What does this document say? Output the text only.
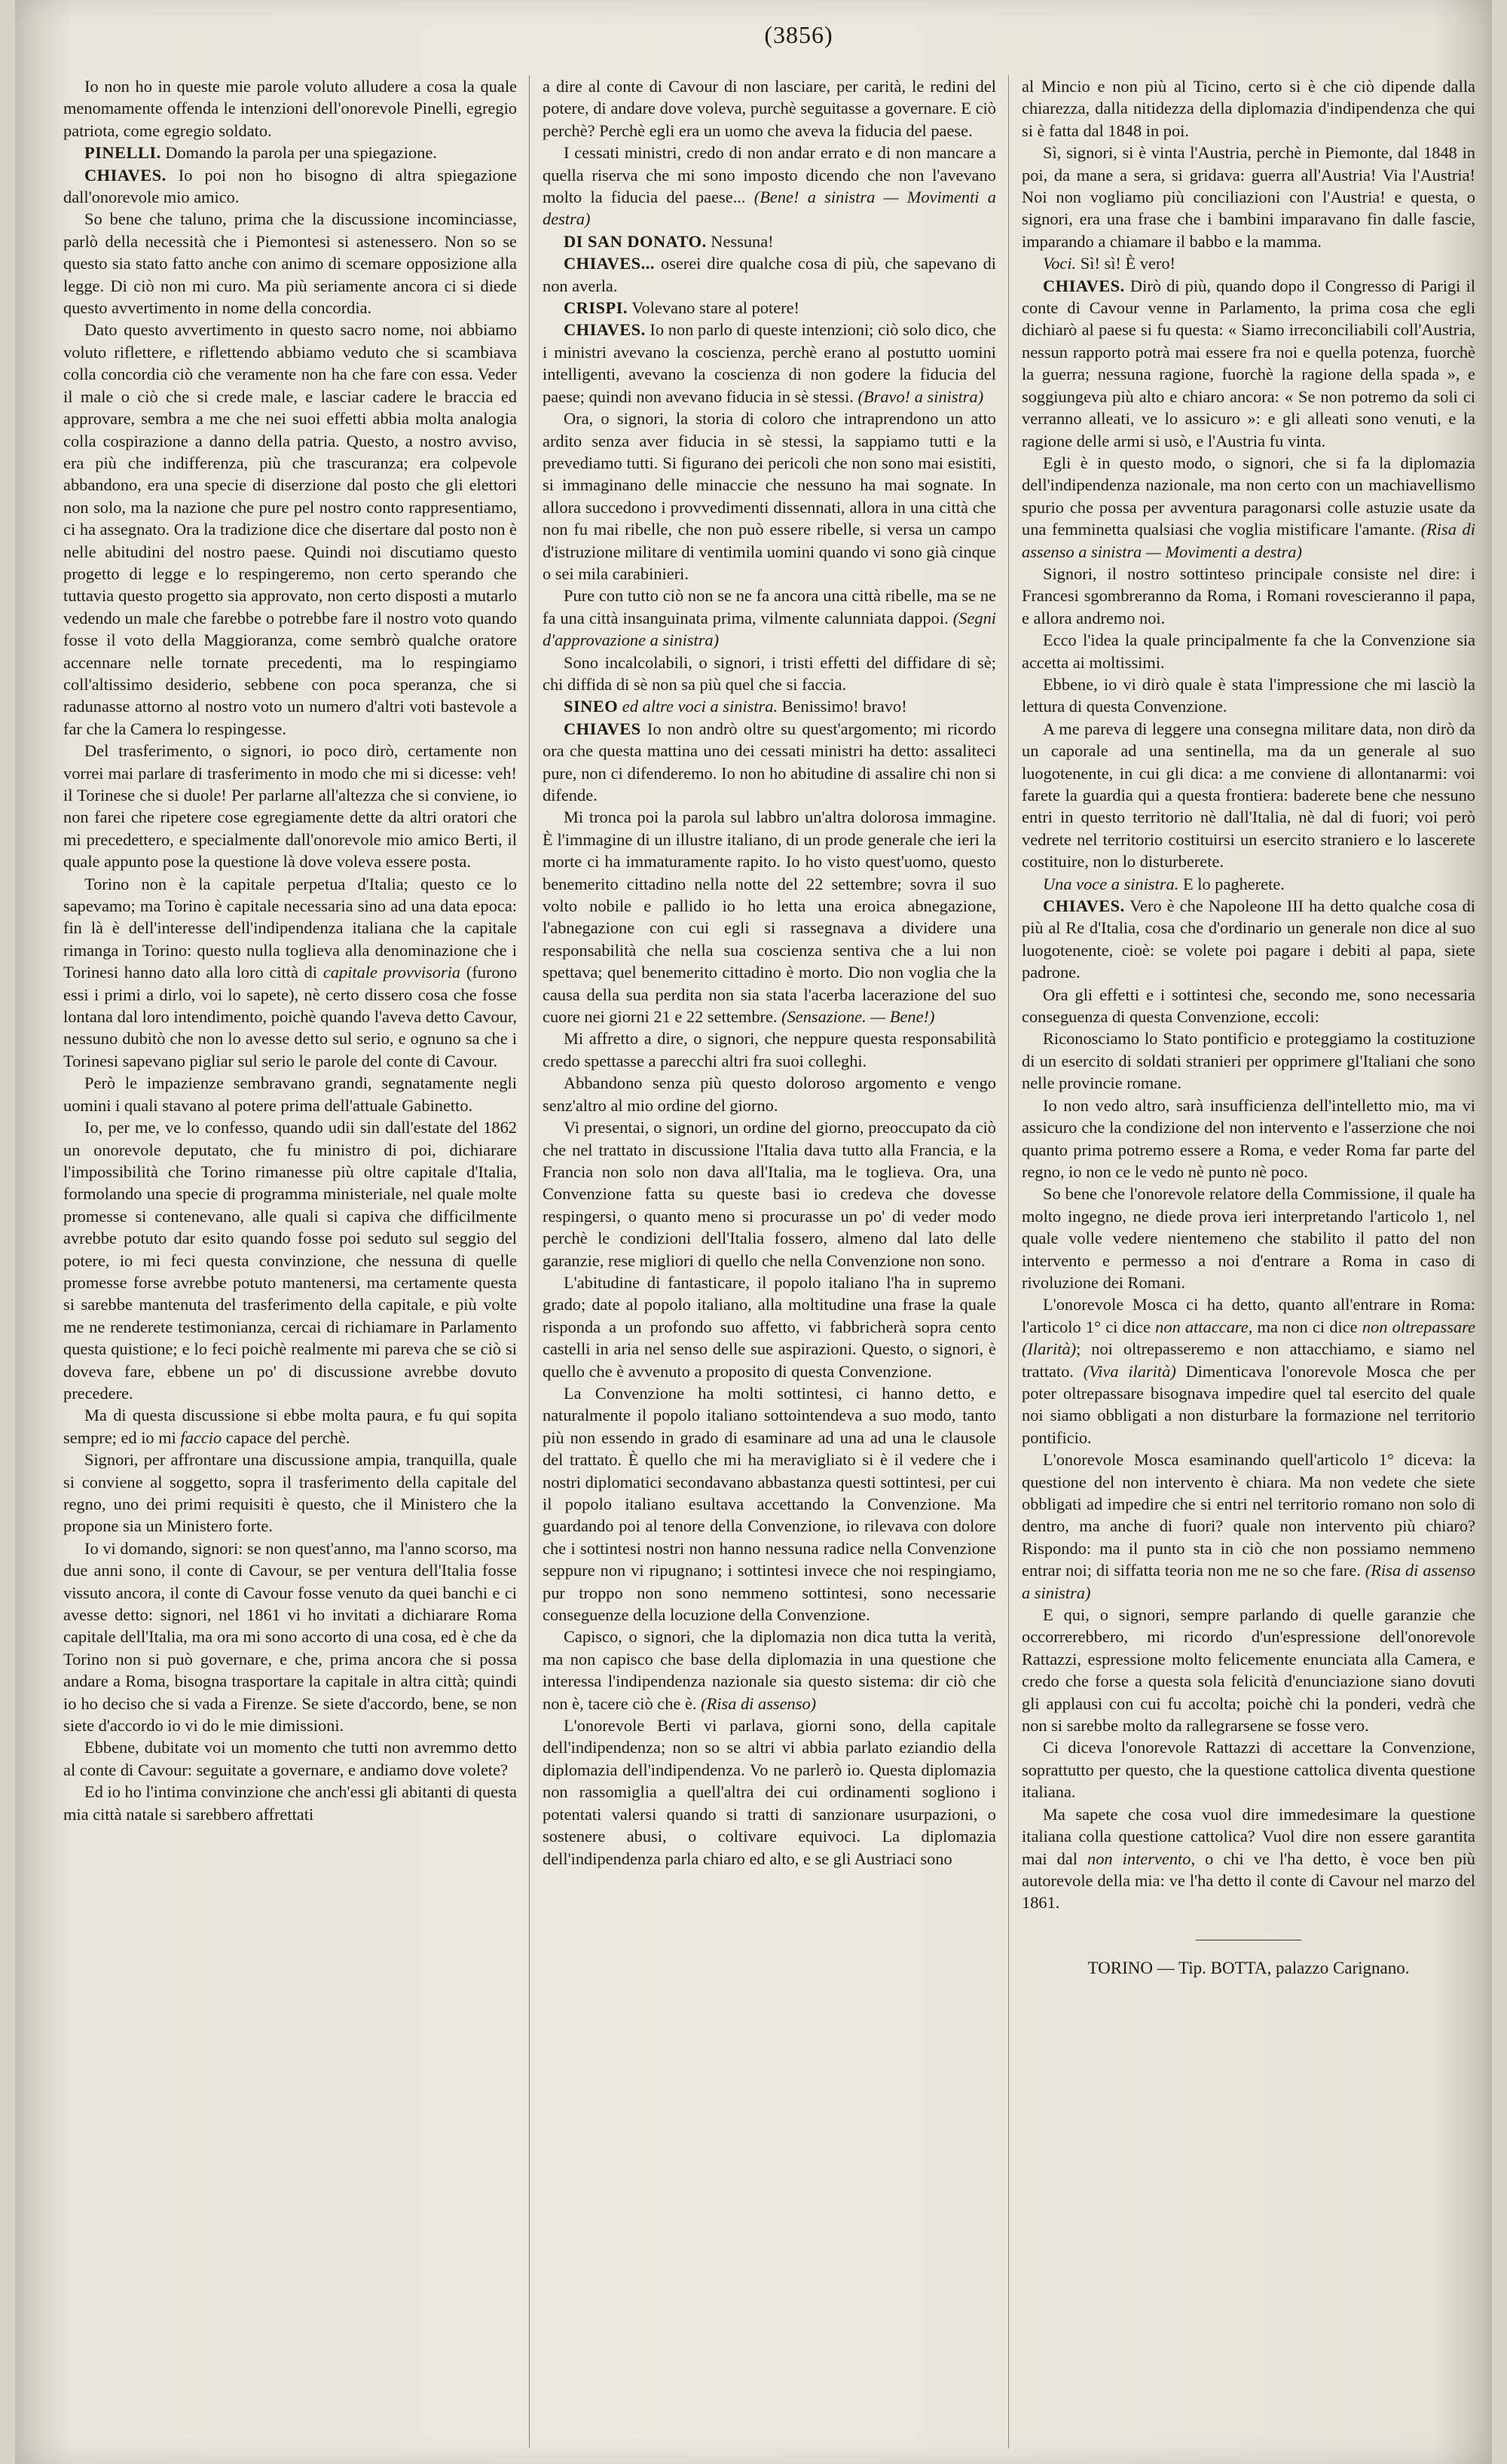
(3856)

Io non ho in queste mie parole voluto alludere a cosa la quale menomamente offenda le intenzioni dell'onorevole Pinelli, egregio patriota, come egregio soldato.

PINELLI. Domando la parola per una spiegazione.

CHIAVES. Io poi non ho bisogno di altra spiegazione dall'onorevole mio amico.

So bene che taluno, prima che la discussione incominciasse, parlò della necessità che i Piemontesi si astenessero. Non so se questo sia stato fatto anche con animo di scemare opposizione alla legge. Di ciò non mi curo. Ma più seriamente ancora ci si diede questo avvertimento in nome della concordia.

Dato questo avvertimento in questo sacro nome, noi abbiamo voluto riflettere, e riflettendo abbiamo veduto che si scambiava colla concordia ciò che veramente non ha che fare con essa. Veder il male o ciò che si crede male, e lasciar cadere le braccia ed approvare, sembra a me che nei suoi effetti abbia molta analogia colla cospirazione a danno della patria. Questo, a nostro avviso, era più che indifferenza, più che trascuranza; era colpevole abbandono, era una specie di diserzione dal posto che gli elettori non solo, ma la nazione che pure pel nostro conto rappresentiamo, ci ha assegnato. Ora la tradizione dice che disertare dal posto non è nelle abitudini del nostro paese. Quindi noi discutiamo questo progetto di legge e lo respingeremo, non certo sperando che tuttavia questo progetto sia approvato, non certo disposti a mutarlo vedendo un male che farebbe o potrebbe fare il nostro voto quando fosse il voto della Maggioranza, come sembrò qualche oratore accennare nelle tornate precedenti, ma lo respingiamo coll'altissimo desiderio, sebbene con poca speranza, che si radunasse attorno al nostro voto un numero d'altri voti bastevole a far che la Camera lo respingesse.

Del trasferimento, o signori, io poco dirò, certamente non vorrei mai parlare di trasferimento in modo che mi si dicesse: veh! il Torinese che si duole! Per parlarne all'altezza che si conviene, io non farei che ripetere cose egregiamente dette da altri oratori che mi precedettero, e specialmente dall'onorevole mio amico Berti, il quale appunto pose la questione là dove voleva essere posta.

Torino non è la capitale perpetua d'Italia; questo ce lo sapevamo; ma Torino è capitale necessaria sino ad una data epoca: fin là è dell'interesse dell'indipendenza italiana che la capitale rimanga in Torino: questo nulla toglieva alla denominazione che i Torinesi hanno dato alla loro città di capitale provvisoria (furono essi i primi a dirlo, voi lo sapete), nè certo dissero cosa che fosse lontana dal loro intendimento, poichè quando l'aveva detto Cavour, nessuno dubitò che non lo avesse detto sul serio, e ognuno sa che i Torinesi sapevano pigliar sul serio le parole del conte di Cavour.

Però le impazienze sembravano grandi, segnatamente negli uomini i quali stavano al potere prima dell'attuale Gabinetto.

Io, per me, ve lo confesso, quando udii sin dall'estate del 1862 un onorevole deputato, che fu ministro di poi, dichiarare l'impossibilità che Torino rimanesse più oltre capitale d'Italia, formolando una specie di programma ministeriale, nel quale molte promesse si contenevano, alle quali si capiva che difficilmente avrebbe potuto dar esito quando fosse poi seduto sul seggio del potere, io mi feci questa convinzione, che nessuna di quelle promesse forse avrebbe potuto mantenersi, ma certamente questa si sarebbe mantenuta del trasferimento della capitale, e più volte me ne renderete testimonianza, cercai di richiamare in Parlamento questa quistione; e lo feci poichè realmente mi pareva che se ciò si doveva fare, ebbene un po' di discussione avrebbe dovuto precedere.

Ma di questa discussione si ebbe molta paura, e fu qui sopita sempre; ed io mi faccio capace del perchè.

Signori, per affrontare una discussione ampia, tranquilla, quale si conviene al soggetto, sopra il trasferimento della capitale del regno, uno dei primi requisiti è questo, che il Ministero che la propone sia un Ministero forte.

Io vi domando, signori: se non quest'anno, ma l'anno scorso, ma due anni sono, il conte di Cavour, se per ventura dell'Italia fosse vissuto ancora, il conte di Cavour fosse venuto da quei banchi e ci avesse detto: signori, nel 1861 vi ho invitati a dichiarare Roma capitale dell'Italia, ma ora mi sono accorto di una cosa, ed è che da Torino non si può governare, e che, prima ancora che si possa andare a Roma, bisogna trasportare la capitale in altra città; quindi io ho deciso che si vada a Firenze. Se siete d'accordo, bene, se non siete d'accordo io vi do le mie dimissioni.

Ebbene, dubitate voi un momento che tutti non avremmo detto al conte di Cavour: seguitate a governare, e andiamo dove volete?

Ed io ho l'intima convinzione che anch'essi gli abitanti di questa mia città natale si sarebbero affrettati

a dire al conte di Cavour di non lasciare, per carità, le redini del potere, di andare dove voleva, purchè seguitasse a governare. E ciò perchè? Perchè egli era un uomo che aveva la fiducia del paese.

I cessati ministri, credo di non andar errato e di non mancare a quella riserva che mi sono imposto dicendo che non l'avevano molto la fiducia del paese... (Bene! a sinistra — Movimenti a destra)

DI SAN DONATO. Nessuna!

CHIAVES... oserei dire qualche cosa di più, che sapevano di non averla.

CRISPI. Volevano stare al potere!

CHIAVES. Io non parlo di queste intenzioni; ciò solo dico, che i ministri avevano la coscienza, perchè erano al postutto uomini intelligenti, avevano la coscienza di non godere la fiducia del paese; quindi non avevano fiducia in sè stessi. (Bravo! a sinistra)

Ora, o signori, la storia di coloro che intraprendono un atto ardito senza aver fiducia in sè stessi, la sappiamo tutti e la prevediamo tutti. Si figurano dei pericoli che non sono mai esistiti, si immaginano delle minaccie che nessuno ha mai sognate. In allora succedono i provvedimenti dissennati, allora in una città che non fu mai ribelle, che non può essere ribelle, si versa un campo d'istruzione militare di ventimila uomini quando vi sono già cinque o sei mila carabinieri.

Pure con tutto ciò non se ne fa ancora una città ribelle, ma se ne fa una città insanguinata prima, vilmente calunniata dappoi. (Segni d'approvazione a sinistra)

Sono incalcolabili, o signori, i tristi effetti del diffidare di sè; chi diffida di sè non sa più quel che si faccia.

SINEO ed altre voci a sinistra. Benissimo! bravo!

CHIAVES Io non andrò oltre su quest'argomento; mi ricordo ora che questa mattina uno dei cessati ministri ha detto: assaliteci pure, non ci difenderemo. Io non ho abitudine di assalire chi non si difende.

Mi tronca poi la parola sul labbro un'altra dolorosa immagine. È l'immagine di un illustre italiano, di un prode generale che ieri la morte ci ha immaturamente rapito. Io ho visto quest'uomo, questo benemerito cittadino nella notte del 22 settembre; sovra il suo volto nobile e pallido io ho letta una eroica abnegazione, l'abnegazione con cui egli si rassegnava a dividere una responsabilità che nella sua coscienza sentiva che a lui non spettava; quel benemerito cittadino è morto. Dio non voglia che la causa della sua perdita non sia stata l'acerba lacerazione del suo cuore nei giorni 21 e 22 settembre. (Sensazione. — Bene!)

Mi affretto a dire, o signori, che neppure questa responsabilità credo spettasse a parecchi altri fra suoi colleghi.

Abbandono senza più questo doloroso argomento e vengo senz'altro al mio ordine del giorno.

Vi presentai, o signori, un ordine del giorno, preoccupato da ciò che nel trattato in discussione l'Italia dava tutto alla Francia, e la Francia non solo non dava all'Italia, ma le toglieva. Ora, una Convenzione fatta su queste basi io credeva che dovesse respingersi, o quanto meno si procurasse un po' di veder modo perchè le condizioni dell'Italia fossero, almeno dal lato delle garanzie, rese migliori di quello che nella Convenzione non sono.

L'abitudine di fantasticare, il popolo italiano l'ha in supremo grado; date al popolo italiano, alla moltitudine una frase la quale risponda a un profondo suo affetto, vi fabbricherà sopra cento castelli in aria nel senso delle sue aspirazioni. Questo, o signori, è quello che è avvenuto a proposito di questa Convenzione.

La Convenzione ha molti sottintesi, ci hanno detto, e naturalmente il popolo italiano sottointendeva a suo modo, tanto più non essendo in grado di esaminare ad una ad una le clausole del trattato. È quello che mi ha meravigliato si è il vedere che i nostri diplomatici secondavano abbastanza questi sottintesi, per cui il popolo italiano esultava accettando la Convenzione. Ma guardando poi al tenore della Convenzione, io rilevava con dolore che i sottintesi nostri non hanno nessuna radice nella Convenzione seppure non vi ripugnano; i sottintesi invece che noi respingiamo, pur troppo non sono nemmeno sottintesi, sono necessarie conseguenze della locuzione della Convenzione.

Capisco, o signori, che la diplomazia non dica tutta la verità, ma non capisco che base della diplomazia in una questione che interessa l'indipendenza nazionale sia questo sistema: dir ciò che non è, tacere ciò che è. (Risa di assenso)

L'onorevole Berti vi parlava, giorni sono, della capitale dell'indipendenza; non so se altri vi abbia parlato eziandio della diplomazia dell'indipendenza. Vo ne parlerò io. Questa diplomazia non rassomiglia a quell'altra dei cui ordinamenti sogliono i potentati valersi quando si tratti di sanzionare usurpazioni, o sostenere abusi, o coltivare equivoci. La diplomazia dell'indipendenza parla chiaro ed alto, e se gli Austriaci sono

al Mincio e non più al Ticino, certo si è che ciò dipende dalla chiarezza, dalla nitidezza della diplomazia d'indipendenza che qui si è fatta dal 1848 in poi.

Sì, signori, si è vinta l'Austria, perchè in Piemonte, dal 1848 in poi, da mane a sera, si gridava: guerra all'Austria! Via l'Austria! Noi non vogliamo più conciliazioni con l'Austria! e questa, o signori, era una frase che i bambini imparavano fin dalle fascie, imparando a chiamare il babbo e la mamma.

Voci. Sì! sì! È vero!

CHIAVES. Dirò di più, quando dopo il Congresso di Parigi il conte di Cavour venne in Parlamento, la prima cosa che egli dichiarò al paese si fu questa: « Siamo irreconciliabili coll'Austria, nessun rapporto potrà mai essere fra noi e quella potenza, fuorchè la guerra; nessuna ragione, fuorchè la ragione della spada », e soggiungeva più alto e chiaro ancora: « Se non potremo da soli ci verranno alleati, ve lo assicuro »: e gli alleati sono venuti, e la ragione delle armi si usò, e l'Austria fu vinta.

Egli è in questo modo, o signori, che si fa la diplomazia dell'indipendenza nazionale, ma non certo con un machiavellismo spurio che possa per avventura paragonarsi colle astuzie usate da una femminetta qualsiasi che voglia mistificare l'amante. (Risa di assenso a sinistra — Movimenti a destra)

Signori, il nostro sottinteso principale consiste nel dire: i Francesi sgombreranno da Roma, i Romani rovescieranno il papa, e allora andremo noi.

Ecco l'idea la quale principalmente fa che la Convenzione sia accetta ai moltissimi.

Ebbene, io vi dirò quale è stata l'impressione che mi lasciò la lettura di questa Convenzione.

A me pareva di leggere una consegna militare data, non dirò da un caporale ad una sentinella, ma da un generale al suo luogotenente, in cui gli dica: a me conviene di allontanarmi: voi farete la guardia qui a questa frontiera: baderete bene che nessuno entri in questo territorio nè dall'Italia, nè dal di fuori; voi però vedrete nel territorio costituirsi un esercito straniero e lo lascerete costituire, non lo disturberete.

Una voce a sinistra. E lo pagherete.

CHIAVES. Vero è che Napoleone III ha detto qualche cosa di più al Re d'Italia, cosa che d'ordinario un generale non dice al suo luogotenente, cioè: se volete poi pagare i debiti al papa, siete padrone.

Ora gli effetti e i sottintesi che, secondo me, sono necessaria conseguenza di questa Convenzione, eccoli:

Riconosciamo lo Stato pontificio e proteggiamo la costituzione di un esercito di soldati stranieri per opprimere gl'Italiani che sono nelle provincie romane.

Io non vedo altro, sarà insufficienza dell'intelletto mio, ma vi assicuro che la condizione del non intervento e l'asserzione che noi quanto prima potremo essere a Roma, e veder Roma far parte del regno, io non ce le vedo nè punto nè poco.

So bene che l'onorevole relatore della Commissione, il quale ha molto ingegno, ne diede prova ieri interpretando l'articolo 1, nel quale volle vedere nientemeno che stabilito il patto del non intervento e permesso a noi d'entrare a Roma in caso di rivoluzione dei Romani.

L'onorevole Mosca ci ha detto, quanto all'entrare in Roma: l'articolo 1° ci dice non attaccare, ma non ci dice non oltrepassare (Ilarità); noi oltrepasseremo e non attacchiamo, e siamo nel trattato. (Viva ilarità) Dimenticava l'onorevole Mosca che per poter oltrepassare bisognava impedire quel tal esercito del quale noi siamo obbligati a non disturbare la formazione nel territorio pontificio.

L'onorevole Mosca esaminando quell'articolo 1° diceva: la questione del non intervento è chiara. Ma non vedete che siete obbligati ad impedire che si entri nel territorio romano non solo di dentro, ma anche di fuori? quale non intervento più chiaro? Rispondo: ma il punto sta in ciò che non possiamo nemmeno entrar noi; di siffatta teoria non me ne so che fare. (Risa di assenso a sinistra)

E qui, o signori, sempre parlando di quelle garanzie che occorrerebbero, mi ricordo d'un'espressione dell'onorevole Rattazzi, espressione molto felicemente enunciata alla Camera, e credo che forse a questa sola felicità d'enunciazione siano dovuti gli applausi con cui fu accolta; poichè chi la ponderi, vedrà che non si sarebbe molto da rallegrarsene se fosse vero.

Ci diceva l'onorevole Rattazzi di accettare la Convenzione, soprattutto per questo, che la questione cattolica diventa questione italiana.

Ma sapete che cosa vuol dire immedesimare la questione italiana colla questione cattolica? Vuol dire non essere garantita mai dal non intervento, o chi ve l'ha detto, è voce ben più autorevole della mia: ve l'ha detto il conte di Cavour nel marzo del 1861.

TORINO — Tip. BOTTA, palazzo Carignano.
